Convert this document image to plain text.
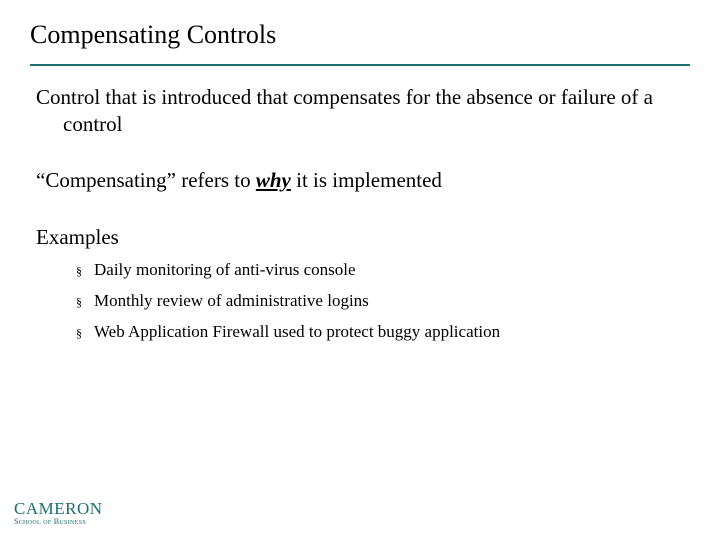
Compensating Controls

Control that is introduced that compensates for the absence or failure of a control

“Compensating” refers to why it is implemented

Examples

§ Daily monitoring of anti-virus console
§ Monthly review of administrative logins
§ Web Application Firewall used to protect buggy application
CAMERON
School of Business
